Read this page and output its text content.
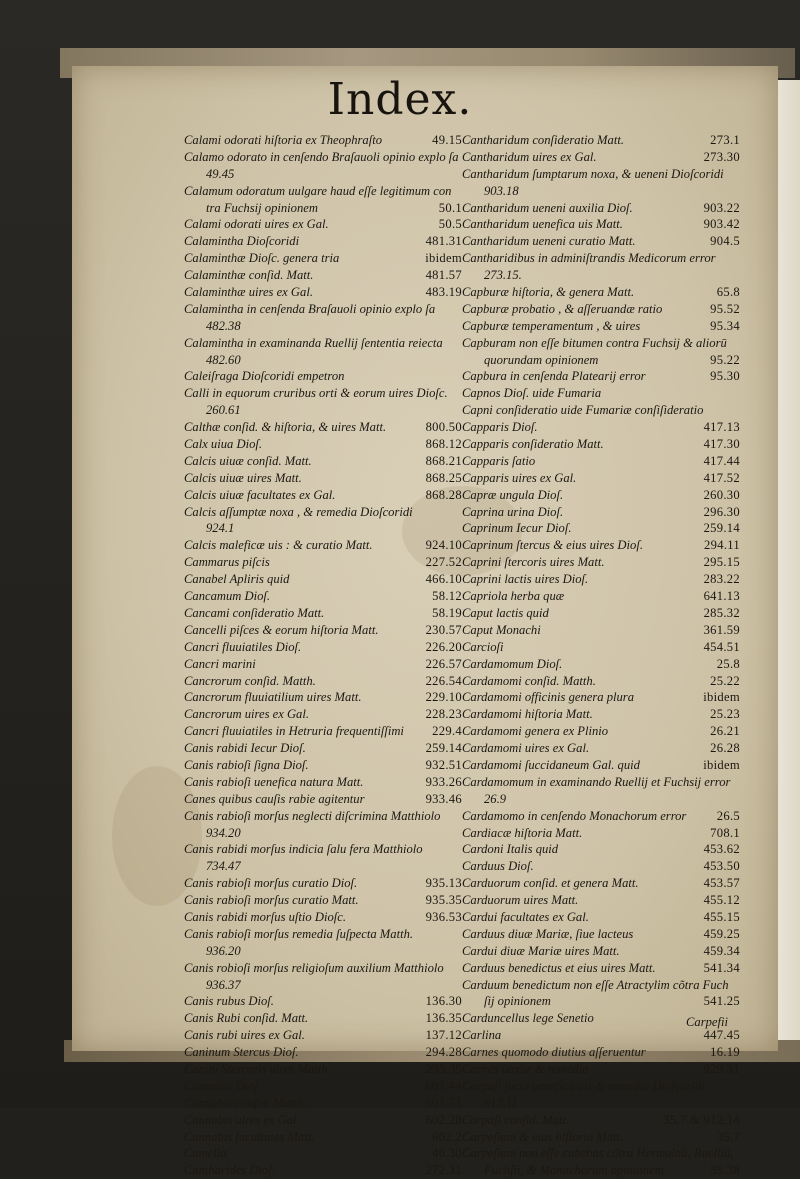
Index.
Calami odorati hiſtoria ex Theophraſto	49.15
Calamo odorato in cenſendo Braſauoli opinio explo ſa
49.45
Calamum odoratum uulgare haud eſſe legitimum con
tra Fuchsij opinionem	50.1
Calami odorati uires ex Gal.	50.5
Calamintha Dioſcoridi	481.31
Calaminthæ Dioſc. genera tria	ibidem
Calaminthæ conſid. Matt.	481.57
Calaminthæ uires ex Gal.	483.19
Calamintha in cenſenda Braſauoli opinio explo ſa
482.38
Calamintha in examinanda Ruellij ſententia reiecta
482.60
Caleiſraga Dioſcoridi empetron
Calli in equorum cruribus orti & eorum uires Dioſc.
260.61
Calthæ conſid. & hiſtoria, & uires Matt.	800.50
Calx uiua Dioſ.	868.12
Calcis uiuæ conſid. Matt.	868.21
Calcis uiuæ uires Matt.	868.25
Calcis uiuæ facultates ex Gal.	868.28
Calcis aſſumptæ noxa , & remedia Dioſcoridi
924.1
Calcis maleficæ uis : & curatio Matt.	924.10
Cammarus piſcis	227.52
Canabel Apliris quid	466.10
Cancamum Dioſ.	58.12
Cancami conſideratio Matt.	58.19
Cancelli piſces & eorum hiſtoria Matt.	230.57
Cancri fluuiatiles Dioſ.	226.20
Cancri marini	226.57
Cancrorum conſid. Matth.	226.54
Cancrorum fluuiatilium uires Matt.	229.10
Cancrorum uires ex Gal.	228.23
Cancri fluuiatiles in Hetruria frequentiſſimi 229.4
Canis rabidi Iecur Dioſ.	259.14
Canis rabioſi ſigna Dioſ.	932.51
Canis rabioſi uenefica natura Matt.	933.26
Canes quibus cauſis rabie agitentur	933.46
Canis rabioſi morſus neglecti diſcrimina Matthiolo
934.20
Canis rabidi morſus indicia ſalu fera Matthiolo
734.47
Canis rabioſi morſus curatio Dioſ.	935.13
Canis rabioſi morſus curatio Matt.	935.35
Canis rabidi morſus uſtio Dioſc.	936.53
Canis rabioſi morſus remedia ſuſpecta Matth.
936.20
Canis robioſi morſus religioſum auxilium Matthiolo
936.37
Canis rubus Dioſ.	136.30
Canis Rubi conſid. Matt.	136.35
Canis rubi uires ex Gal.	137.12
Caninum Stercus Dioſ.	294.28
Canini Stercoris uires Matth.	295.35
Cannabis Dioſ.	601.44
Cannabis conſid. Matth.	601.51
Cannabis uires ex Gal.	602.28
Cannabis facultates Matt.	602.2
Camella	40.30
Cantharides Dioſ.	272.31
Cantharidum conſideratio Matt.	273.1
Cantharidum uires ex Gal.	273.30
Cantharidum ſumptarum noxa, & ueneni Dioſcoridi
903.18
Cantharidum ueneni auxilia Dioſ.	903.22
Cantharidum uenefica uis Matt.	903.42
Cantharidum ueneni curatio Matt.	904.5
Cantharidibus in adminiſtrandis Medicorum error
273.15.
Capburæ hiſtoria, & genera Matt.	65.8
Capburæ probatio , & aſſeruandæ ratio	95.52
Capburæ temperamentum , & uires	95.34
Capburam non eſſe bitumen contra Fuchsij & aliorū
quorundam opinionem	95.22
Capbura in cenſenda Platearij error	95.30
Capnos Dioſ. uide Fumaria
Capni conſideratio uide Fumariæ conſiſideratio
Capparis Dioſ.	417.13
Capparis conſideratio Matt.	417.30
Capparis ſatio	417.44
Capparis uires ex Gal.	417.52
Capræ ungula Dioſ.	260.30
Caprina urina Dioſ.	296.30
Caprinum Iecur Dioſ.	259.14
Caprinum ſtercus & eius uires Dioſ.	294.11
Caprini ſtercoris uires Matt.	295.15
Caprini lactis uires Dioſ.	283.22
Capriola herba quæ	641.13
Caput lactis quid	285.32
Caput Monachi	361.59
Carcioſi	454.51
Cardamomum Dioſ.	25.8
Cardamomi conſid. Matth.	25.22
Cardamomi officinis genera plura	ibidem
Cardamomi hiſtoria Matt.	25.23
Cardamomi genera ex Plinio	26.21
Cardamomi uires ex Gal.	26.28
Cardamomi ſuccidaneum Gal. quid	ibidem
Cardamomum in examinando Ruellij et Fuchsij error
26.9
Cardamomo in cenſendo Monachorum error 26.5
Cardiacæ hiſtoria Matt.	708.1
Cardoni Italis quid	453.62
Carduus Dioſ.	453.50
Carduorum conſid. et genera Matt.	453.57
Carduorum uires Matt.	455.12
Cardui facultates ex Gal.	455.15
Carduus diuæ Mariæ, ſiue lacteus	459.25
Cardui diuæ Mariæ uires Matt.	459.34
Carduus benedictus et eius uires Matt.	541.34
Carduum benedictum non eſſe Atractylim cõtra Fuch
ſij opinionem	541.25
Carduncellus lege Senetio
Carlina	447.45
Carnes quomodo diutius aſſeruentur	16.19
Carnes uoxiæ & remedia	929.31
Carpaſi ſucci uenefica uis & remedia Dioſcoridi
912.11
Carpaſi conſid. Matt.	35.7.& 912.14
Carpeſium & eius hiſtoria Matt.	35.7
Carpeſium non eſſe cubebas cõtra Hermolaũ, Ruelliũ,
Fuchſii, & Monachorum opinionem	35.38
Carpefii
